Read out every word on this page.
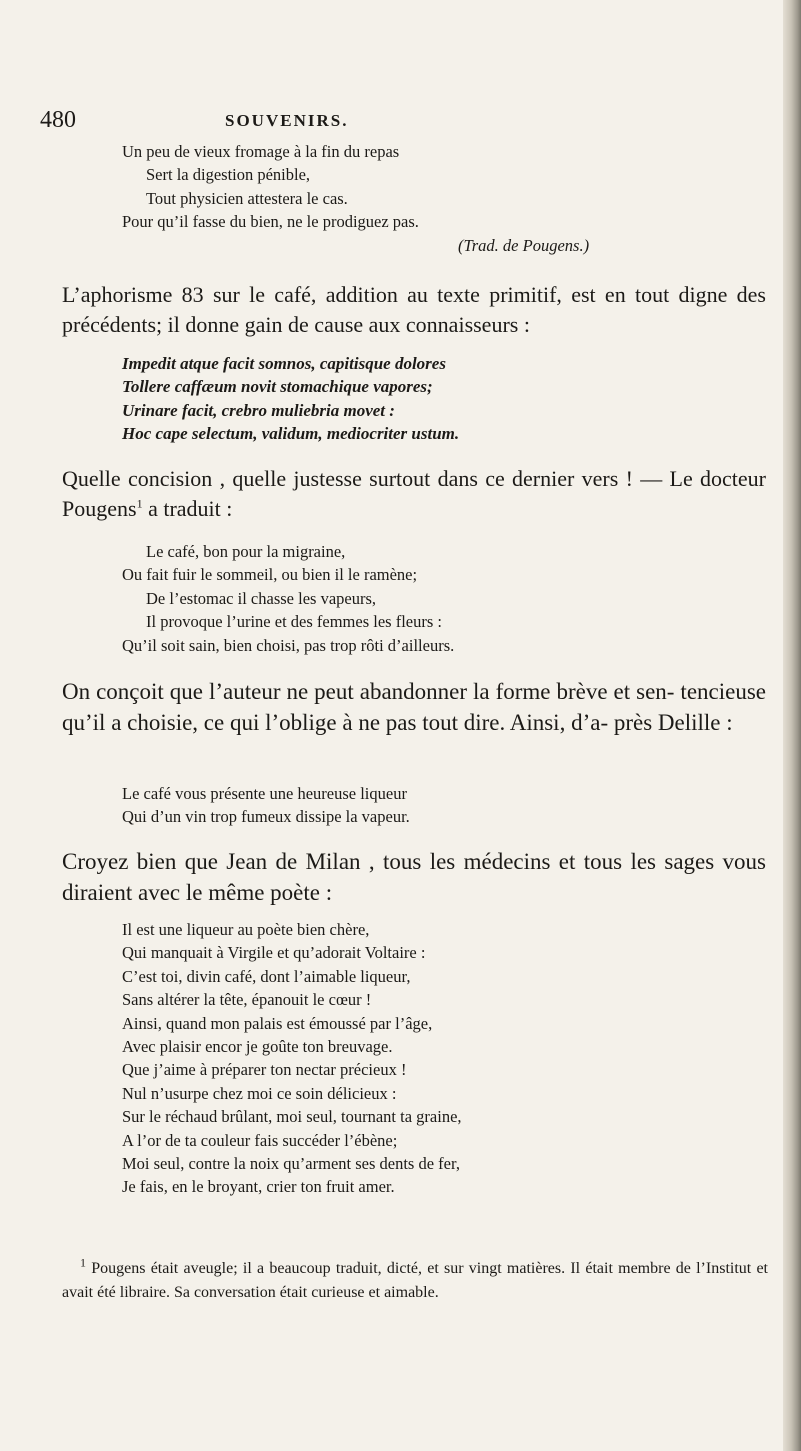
480	SOUVENIRS.
Un peu de vieux fromage à la fin du repas
Sert la digestion pénible,
Tout physicien attestera le cas.
Pour qu’il fasse du bien, ne le prodiguez pas.
(Trad. de Pougens.)
L’aphorisme 83 sur le café, addition au texte primitif, est en tout digne des précédents; il donne gain de cause aux connaisseurs :
Impedit atque facit somnos, capitisque dolores
Tollere caffæum novit stomachique vapores;
Urinare facit, crebro muliebria movet :
Hoc cape selectum, validum, mediocriter ustum.
Quelle concision , quelle justesse surtout dans ce dernier vers ! — Le docteur Pougens$^1$ a traduit :
Le café, bon pour la migraine,
Ou fait fuir le sommeil, ou bien il le ramène;
De l’estomac il chasse les vapeurs,
Il provoque l’urine et des femmes les fleurs :
Qu’il soit sain, bien choisi, pas trop rôti d’ailleurs.
On conçoit que l’auteur ne peut abandonner la forme brève et sen- tencieuse qu’il a choisie, ce qui l’oblige à ne pas tout dire. Ainsi, d’a- près Delille :
Le café vous présente une heureuse liqueur
Qui d’un vin trop fumeux dissipe la vapeur.
Croyez bien que Jean de Milan , tous les médecins et tous les sages vous diraient avec le même poète :
Il est une liqueur au poète bien chère,
Qui manquait à Virgile et qu’adorait Voltaire :
C’est toi, divin café, dont l’aimable liqueur,
Sans altérer la tête, épanouit le cœur !
Ainsi, quand mon palais est émoussé par l’âge,
Avec plaisir encor je goûte ton breuvage.
Que j’aime à préparer ton nectar précieux !
Nul n’usurpe chez moi ce soin délicieux :
Sur le réchaud brûlant, moi seul, tournant ta graine,
A l’or de ta couleur fais succéder l’ébène;
Moi seul, contre la noix qu’arment ses dents de fer,
Je fais, en le broyant, crier ton fruit amer.
$^1$ Pougens était aveugle; il a beaucoup traduit, dicté, et sur vingt matières. Il était membre de l’Institut et avait été libraire. Sa conversation était curieuse et aimable.
